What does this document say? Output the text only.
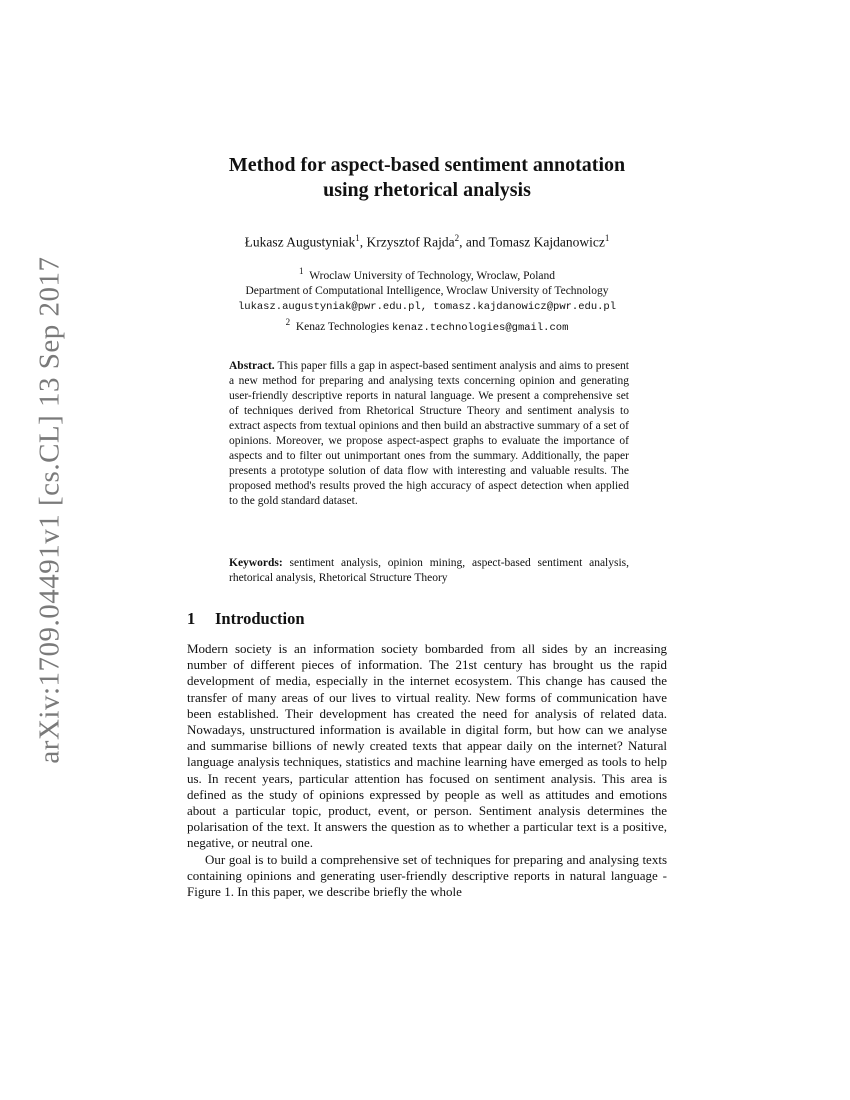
arXiv:1709.04491v1 [cs.CL] 13 Sep 2017
Method for aspect-based sentiment annotation
using rhetorical analysis
Łukasz Augustyniak$^1$, Krzysztof Rajda$^2$, and Tomasz Kajdanowicz$^1$
$^1$ Wroclaw University of Technology, Wroclaw, Poland
Department of Computational Intelligence, Wroclaw University of Technology
lukasz.augustyniak@pwr.edu.pl, tomasz.kajdanowicz@pwr.edu.pl
$^2$ Kenaz Technologies kenaz.technologies@gmail.com
Abstract. This paper fills a gap in aspect-based sentiment analysis and aims to present a new method for preparing and analysing texts concerning opinion and generating user-friendly descriptive reports in natural language. We present a comprehensive set of techniques derived from Rhetorical Structure Theory and sentiment analysis to extract aspects from textual opinions and then build an abstractive summary of a set of opinions. Moreover, we propose aspect-aspect graphs to evaluate the importance of aspects and to filter out unimportant ones from the summary. Additionally, the paper presents a prototype solution of data flow with interesting and valuable results. The proposed method's results proved the high accuracy of aspect detection when applied to the gold standard dataset.
Keywords: sentiment analysis, opinion mining, aspect-based sentiment analysis, rhetorical analysis, Rhetorical Structure Theory
1 Introduction

Modern society is an information society bombarded from all sides by an increasing number of different pieces of information. The 21st century has brought us the rapid development of media, especially in the internet ecosystem. This change has caused the transfer of many areas of our lives to virtual reality. New forms of communication have been established. Their development has created the need for analysis of related data. Nowadays, unstructured information is available in digital form, but how can we analyse and summarise billions of newly created texts that appear daily on the internet? Natural language analysis techniques, statistics and machine learning have emerged as tools to help us. In recent years, particular attention has focused on sentiment analysis. This area is defined as the study of opinions expressed by people as well as attitudes and emotions about a particular topic, product, event, or person. Sentiment analysis determines the polarisation of the text. It answers the question as to whether a particular text is a positive, negative, or neutral one.

Our goal is to build a comprehensive set of techniques for preparing and analysing texts containing opinions and generating user-friendly descriptive reports in natural language - Figure 1. In this paper, we describe briefly the whole
